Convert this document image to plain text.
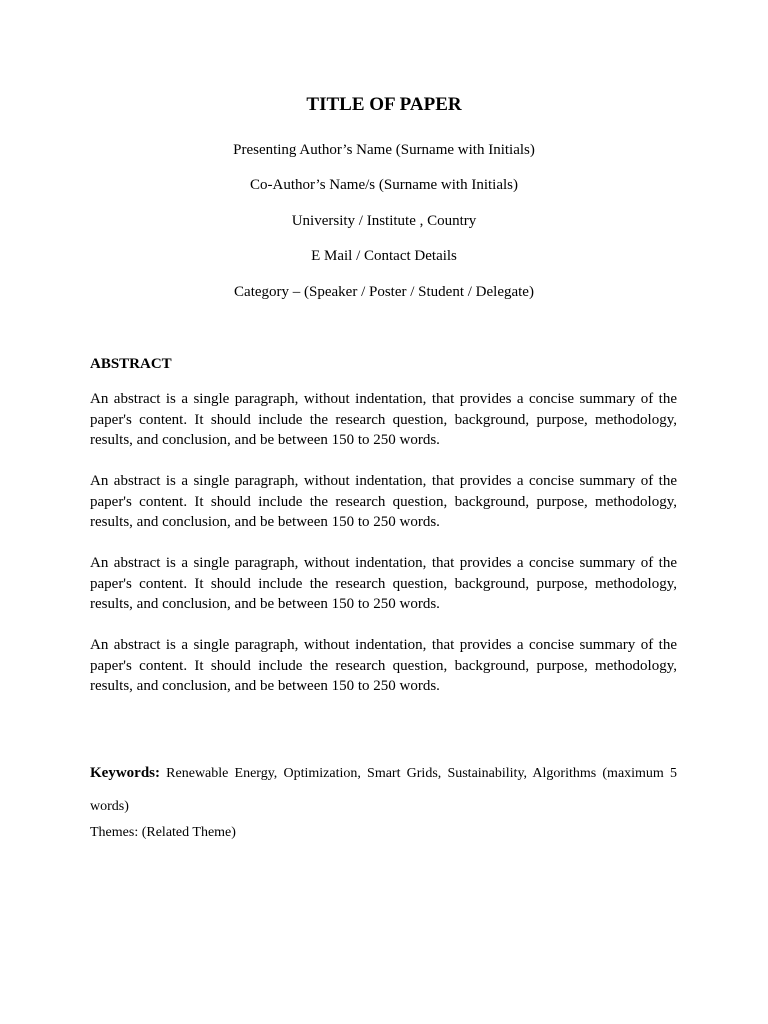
TITLE OF PAPER
Presenting Author’s Name (Surname with Initials)
Co-Author’s Name/s (Surname with Initials)
University / Institute , Country
E Mail / Contact Details
Category – (Speaker / Poster / Student / Delegate)
ABSTRACT

An abstract is a single paragraph, without indentation, that provides a concise summary of the paper's content. It should include the research question, background, purpose, methodology, results, and conclusion, and be between 150 to 250 words.

An abstract is a single paragraph, without indentation, that provides a concise summary of the paper's content. It should include the research question, background, purpose, methodology, results, and conclusion, and be between 150 to 250 words.

An abstract is a single paragraph, without indentation, that provides a concise summary of the paper's content. It should include the research question, background, purpose, methodology, results, and conclusion, and be between 150 to 250 words.

An abstract is a single paragraph, without indentation, that provides a concise summary of the paper's content. It should include the research question, background, purpose, methodology, results, and conclusion, and be between 150 to 250 words.

Keywords: Renewable Energy, Optimization, Smart Grids, Sustainability, Algorithms (maximum 5 words)

Themes: (Related Theme)
